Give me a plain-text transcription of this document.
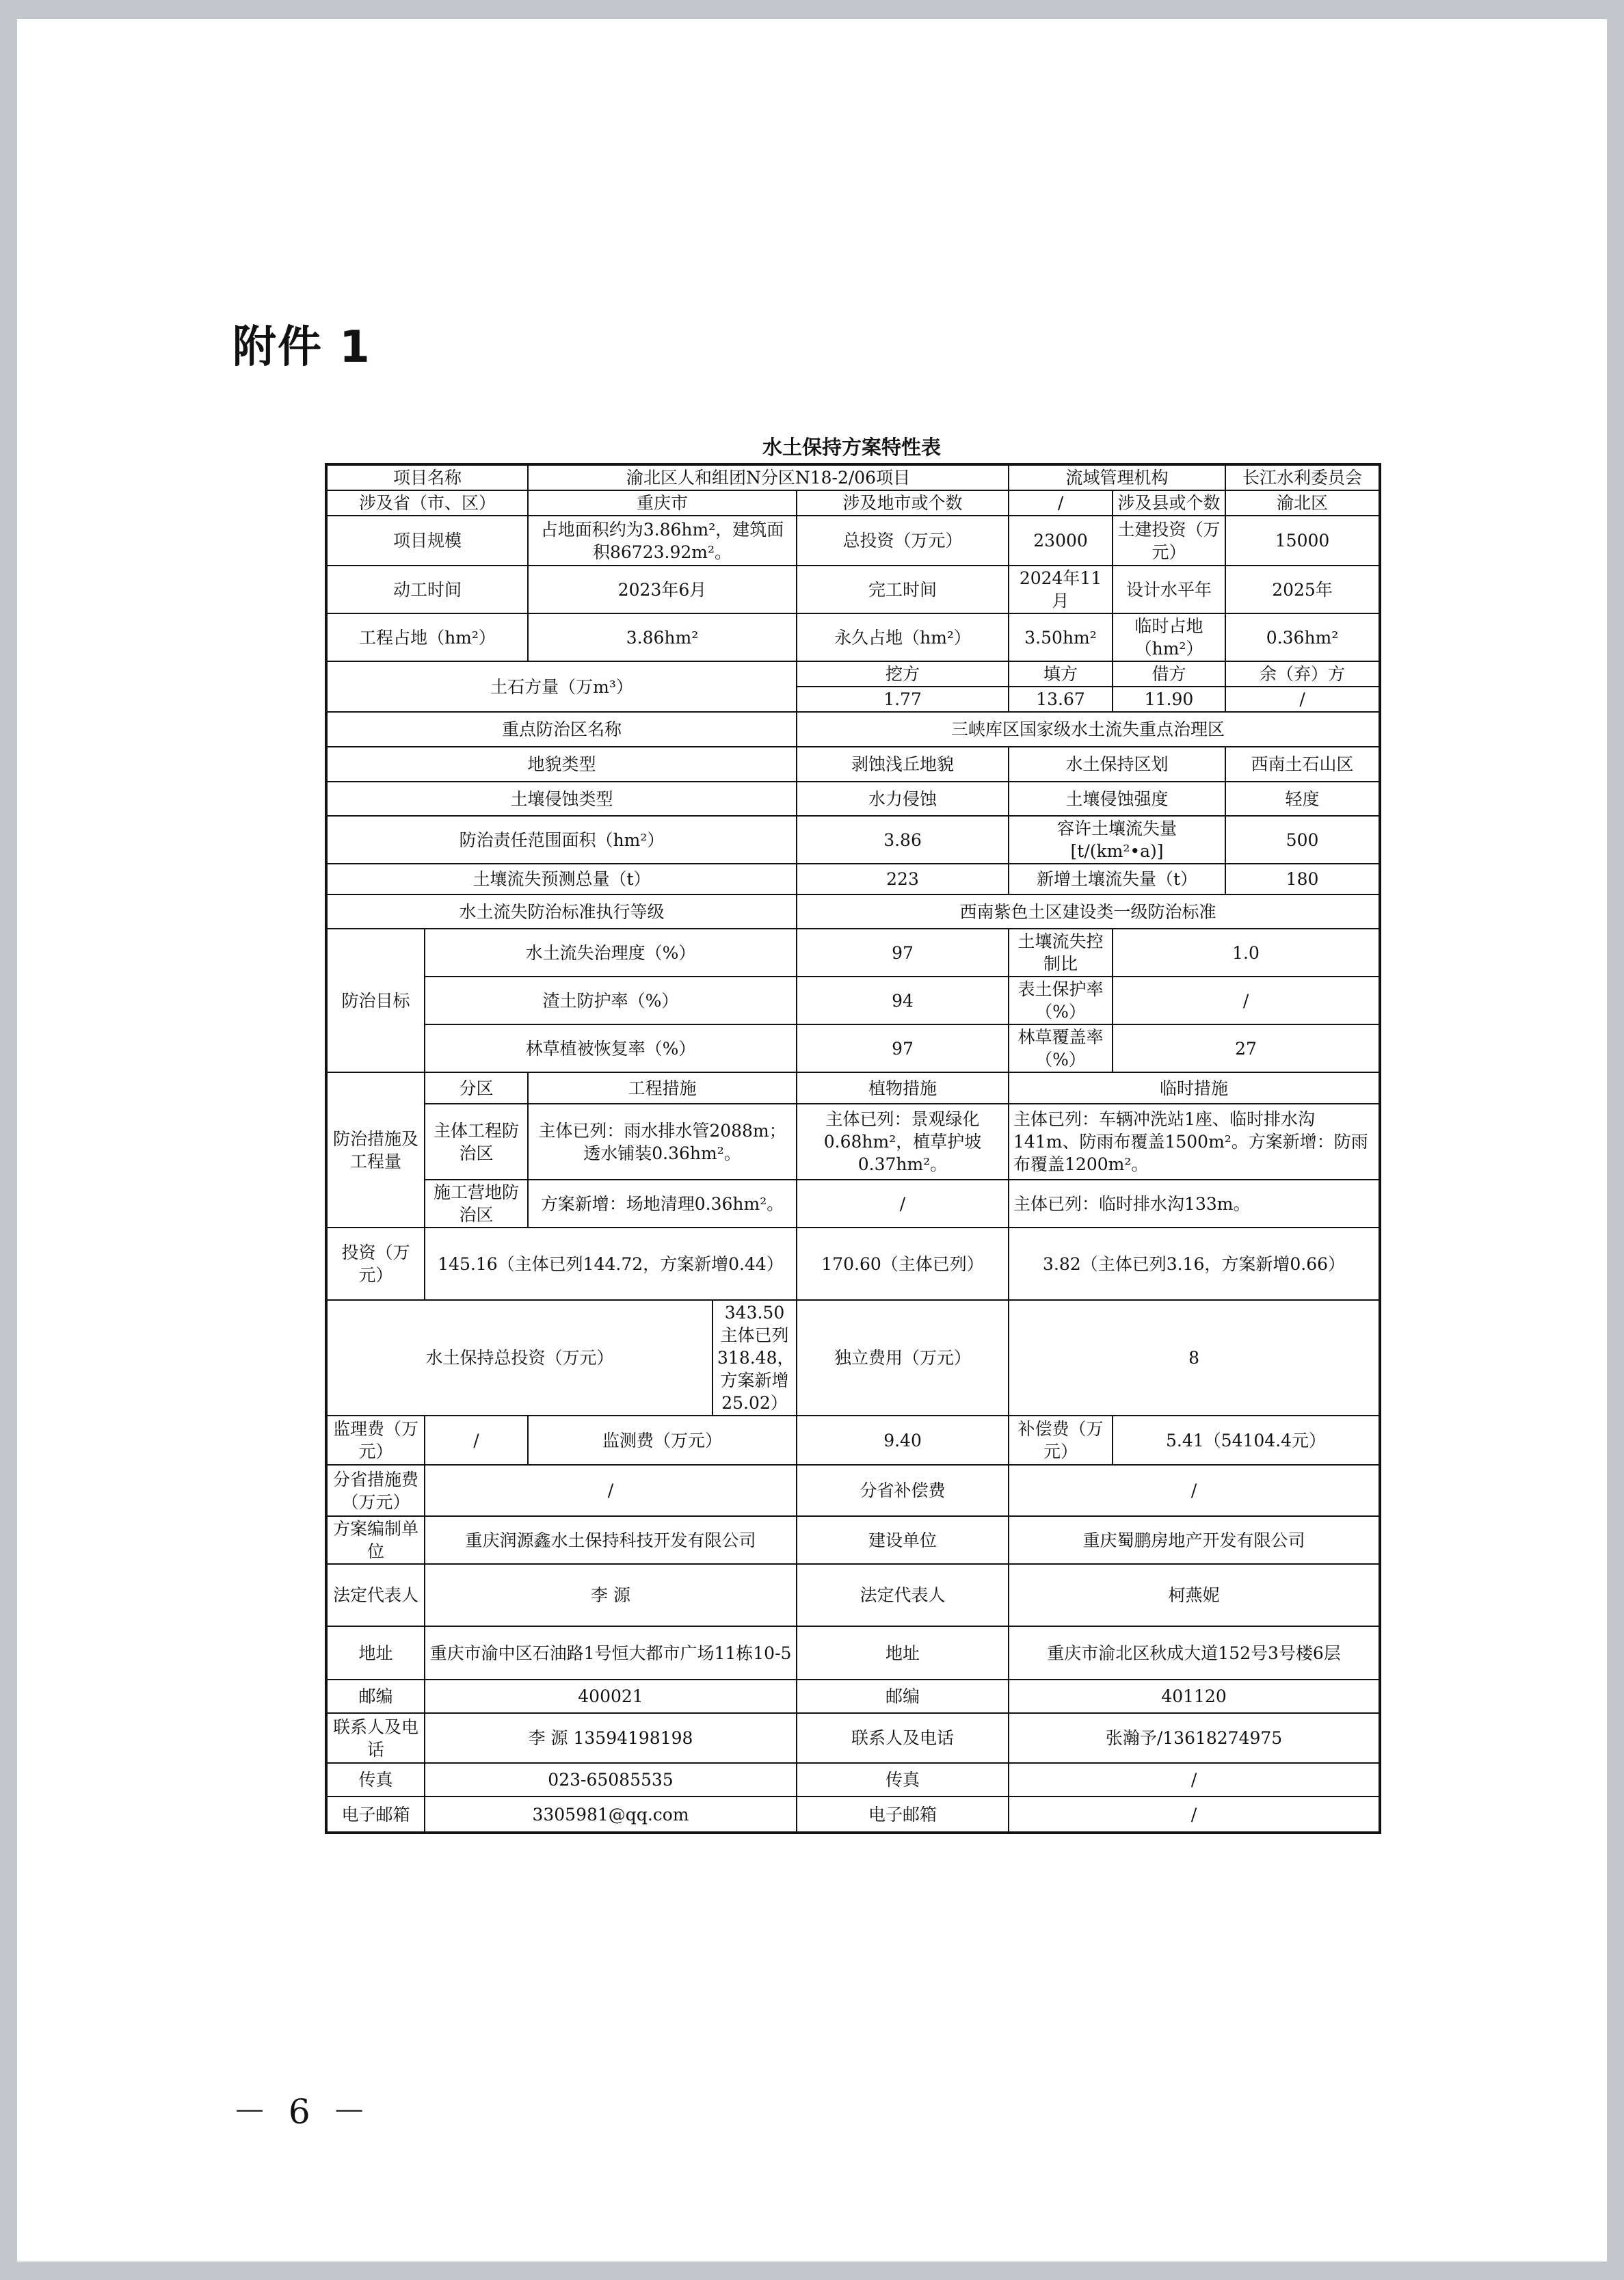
附件 1
－ 6 －
水土保持方案特性表
项目名称		渝北区人和组团N分区N18-2/06项目			流域管理机构		长江水利委员会
涉及省（市、区）		重庆市		涉及地市或个数	/	涉及县或个数	渝北区
项目规模		占地面积约为3.86hm²，建筑面积86723.92m²。		总投资（万元）	23000	土建投资（万元）	15000
动工时间		2023年6月		完工时间	2024年11月	设计水平年	2025年
工程占地（hm²）		3.86hm²		永久占地（hm²）	3.50hm²	临时占地（hm²）	0.36hm²
土石方量（万m³）				挖方	填方	借方	余（弃）方
				1.77	13.67	11.90	/
重点防治区名称				三峡库区国家级水土流失重点治理区			
地貌类型				剥蚀浅丘地貌	水土保持区划		西南土石山区
土壤侵蚀类型				水力侵蚀	土壤侵蚀强度		轻度
防治责任范围面积（hm²）				3.86	容许土壤流失量[t/(km²•a)]		500
土壤流失预测总量（t）				223	新增土壤流失量（t）		180
水土流失防治标准执行等级				西南紫色土区建设类一级防治标准			
防治目标	水土流失治理度（%）			97	土壤流失控制比	1.0	
	渣土防护率（%）			94	表土保护率（%）	/	
	林草植被恢复率（%）			97	林草覆盖率（%）	27	
防治措施及工程量	分区	工程措施		植物措施	临时措施		
	主体工程防治区	主体已列：雨水排水管2088m；透水铺装0.36hm²。		主体已列：景观绿化0.68hm²，植草护坡0.37hm²。	主体已列：车辆冲洗站1座、临时排水沟141m、防雨布覆盖1500m²。方案新增：防雨布覆盖1200m²。		
	施工营地防治区	方案新增：场地清理0.36hm²。		/	主体已列：临时排水沟133m。		
投资（万元）	145.16（主体已列144.72，方案新增0.44）			170.60（主体已列）	3.82（主体已列3.16，方案新增0.66）		
水土保持总投资（万元）			343.50主体已列318.48，方案新增25.02）	独立费用（万元）	8		
监理费（万元）	/	监测费（万元）		9.40	补偿费（万元）	5.41（54104.4元）	
分省措施费（万元）	/			分省补偿费	/		
方案编制单位	重庆润源鑫水土保持科技开发有限公司			建设单位	重庆蜀鹏房地产开发有限公司		
法定代表人	李 源			法定代表人	柯燕妮		
地址	重庆市渝中区石油路1号恒大都市广场11栋10-5			地址	重庆市渝北区秋成大道152号3号楼6层		
邮编	400021			邮编	401120		
联系人及电话	李 源 13594198198			联系人及电话	张瀚予/13618274975		
传真	023-65085535			传真	/		
电子邮箱	3305981@qq.com			电子邮箱	/		
